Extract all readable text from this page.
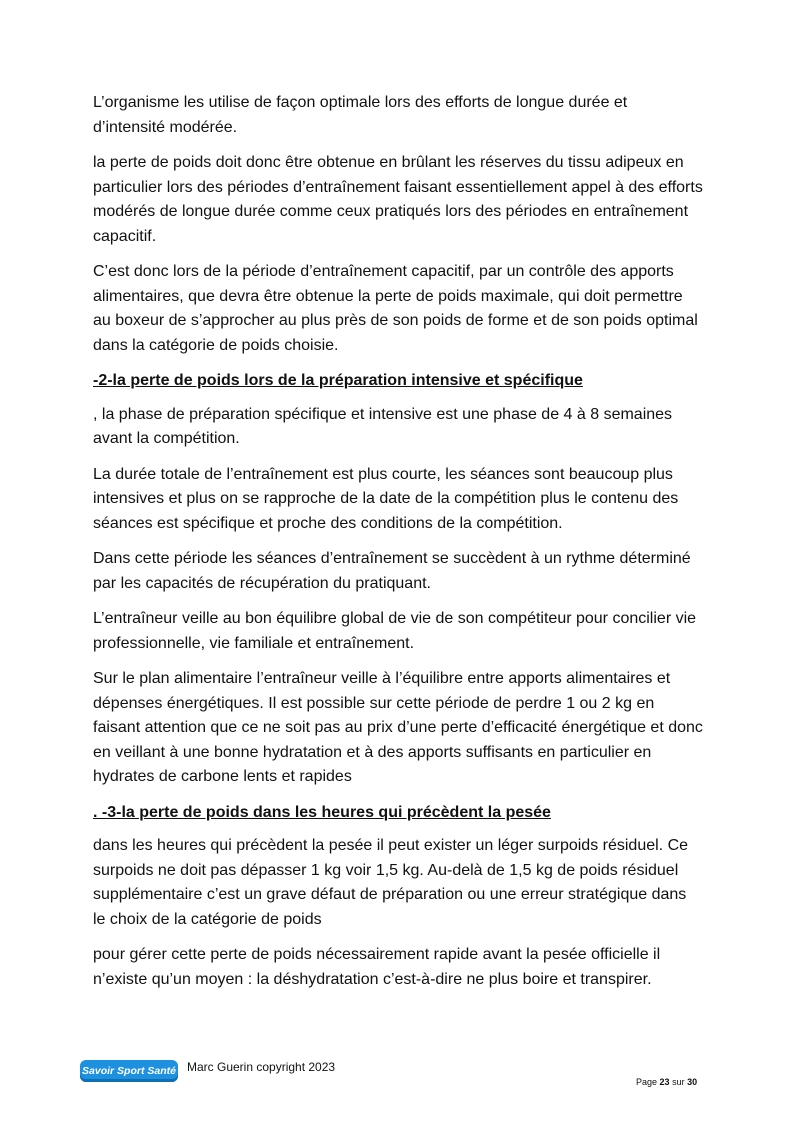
L’organisme les utilise de façon optimale lors des efforts de longue durée et d’intensité modérée.

la perte de poids doit donc être obtenue en brûlant les réserves du tissu adipeux en particulier lors des périodes d’entraînement faisant essentiellement appel à des efforts modérés de longue durée comme ceux pratiqués lors des périodes en entraînement capacitif.

C’est donc lors de la période d’entraînement capacitif, par un contrôle des apports alimentaires, que devra être obtenue la perte de poids maximale, qui doit permettre au boxeur de s’approcher au plus près de son poids de forme et de son poids optimal dans la catégorie de poids choisie.

-2-la perte de poids lors de la préparation intensive et spécifique

, la phase de préparation spécifique et intensive est une phase de 4 à 8 semaines avant la compétition.

La durée totale de l’entraînement est plus courte, les séances sont beaucoup plus intensives et plus on se rapproche de la date de la compétition plus le contenu des séances est spécifique et proche des conditions de la compétition.

Dans cette période les séances d’entraînement se succèdent à un rythme déterminé par les capacités de récupération du pratiquant.

L’entraîneur veille au bon équilibre global de vie de son compétiteur pour concilier vie professionnelle, vie familiale et entraînement.

Sur le plan alimentaire l’entraîneur veille à l’équilibre entre apports alimentaires et dépenses énergétiques. Il est possible sur cette période de perdre 1 ou 2 kg en faisant attention que ce ne soit pas au prix d’une perte d’efficacité énergétique et donc en veillant à une bonne hydratation et à des apports suffisants en particulier en hydrates de carbone lents et rapides

. -3-la perte de poids dans les heures qui précèdent la pesée

dans les heures qui précèdent la pesée il peut exister un léger surpoids résiduel. Ce surpoids ne doit pas dépasser 1 kg voir 1,5 kg. Au-delà de 1,5 kg de poids résiduel supplémentaire c’est un grave défaut de préparation ou une erreur stratégique dans le choix de la catégorie de poids

pour gérer cette perte de poids nécessairement rapide avant la pesée officielle il n’existe qu’un moyen : la déshydratation c’est-à-dire ne plus boire et transpirer.

Savoir Sport Santé Marc Guerin copyright 2023
Page 23 sur 30
